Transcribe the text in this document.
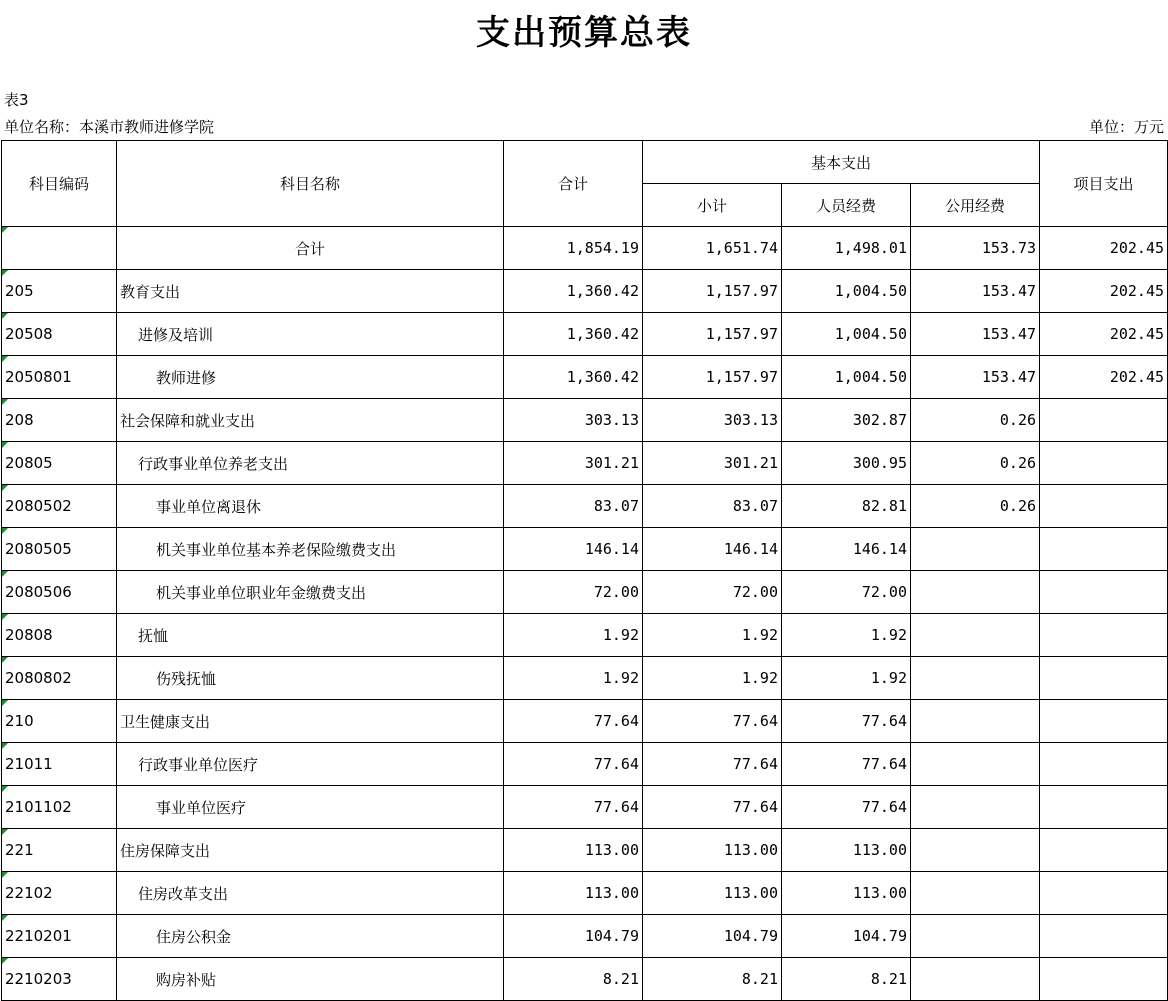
支出预算总表
表3
单位名称：本溪市教师进修学院	单位：万元
科目编码	科目名称	合计	基本支出			项目支出
			小计	人员经费	公用经费	
	合计	1,854.19	1,651.74	1,498.01	153.73	202.45
205	教育支出	1,360.42	1,157.97	1,004.50	153.47	202.45
20508	进修及培训	1,360.42	1,157.97	1,004.50	153.47	202.45
2050801	教师进修	1,360.42	1,157.97	1,004.50	153.47	202.45
208	社会保障和就业支出	303.13	303.13	302.87	0.26	
20805	行政事业单位养老支出	301.21	301.21	300.95	0.26	
2080502	事业单位离退休	83.07	83.07	82.81	0.26	
2080505	机关事业单位基本养老保险缴费支出	146.14	146.14	146.14		
2080506	机关事业单位职业年金缴费支出	72.00	72.00	72.00		
20808	抚恤	1.92	1.92	1.92		
2080802	伤残抚恤	1.92	1.92	1.92		
210	卫生健康支出	77.64	77.64	77.64		
21011	行政事业单位医疗	77.64	77.64	77.64		
2101102	事业单位医疗	77.64	77.64	77.64		
221	住房保障支出	113.00	113.00	113.00		
22102	住房改革支出	113.00	113.00	113.00		
2210201	住房公积金	104.79	104.79	104.79		
2210203	购房补贴	8.21	8.21	8.21		
